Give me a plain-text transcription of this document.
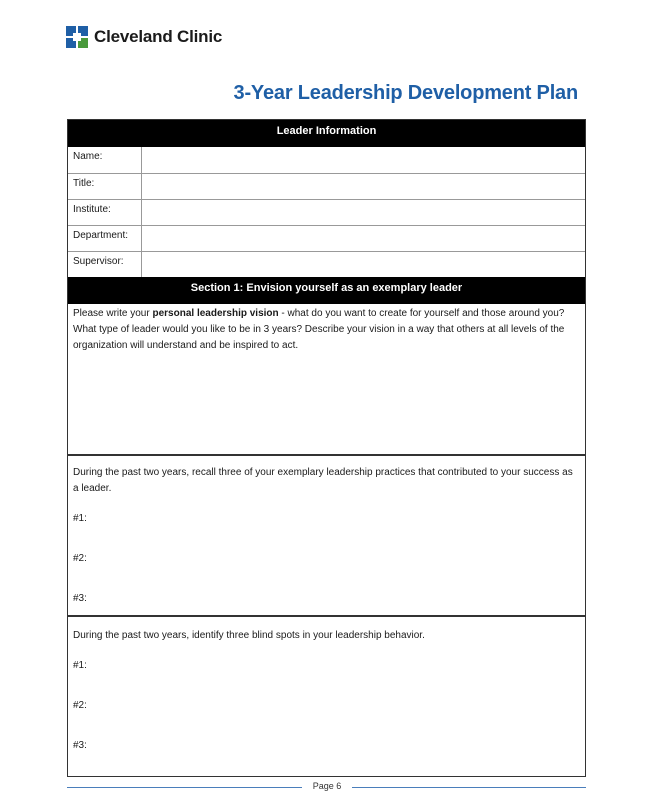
Cleveland Clinic
3-Year Leadership Development Plan
Leader Information
Name:
Title:
Institute:
Department:
Supervisor:
Section 1: Envision yourself as an exemplary leader
Please write your personal leadership vision - what do you want to create for yourself and those around you? What type of leader would you like to be in 3 years? Describe your vision in a way that others at all levels of the organization will understand and be inspired to act.
During the past two years, recall three of your exemplary leadership practices that contributed to your success as a leader.
#1:
#2:
#3:
During the past two years, identify three blind spots in your leadership behavior.
#1:
#2:
#3:
Page 6
